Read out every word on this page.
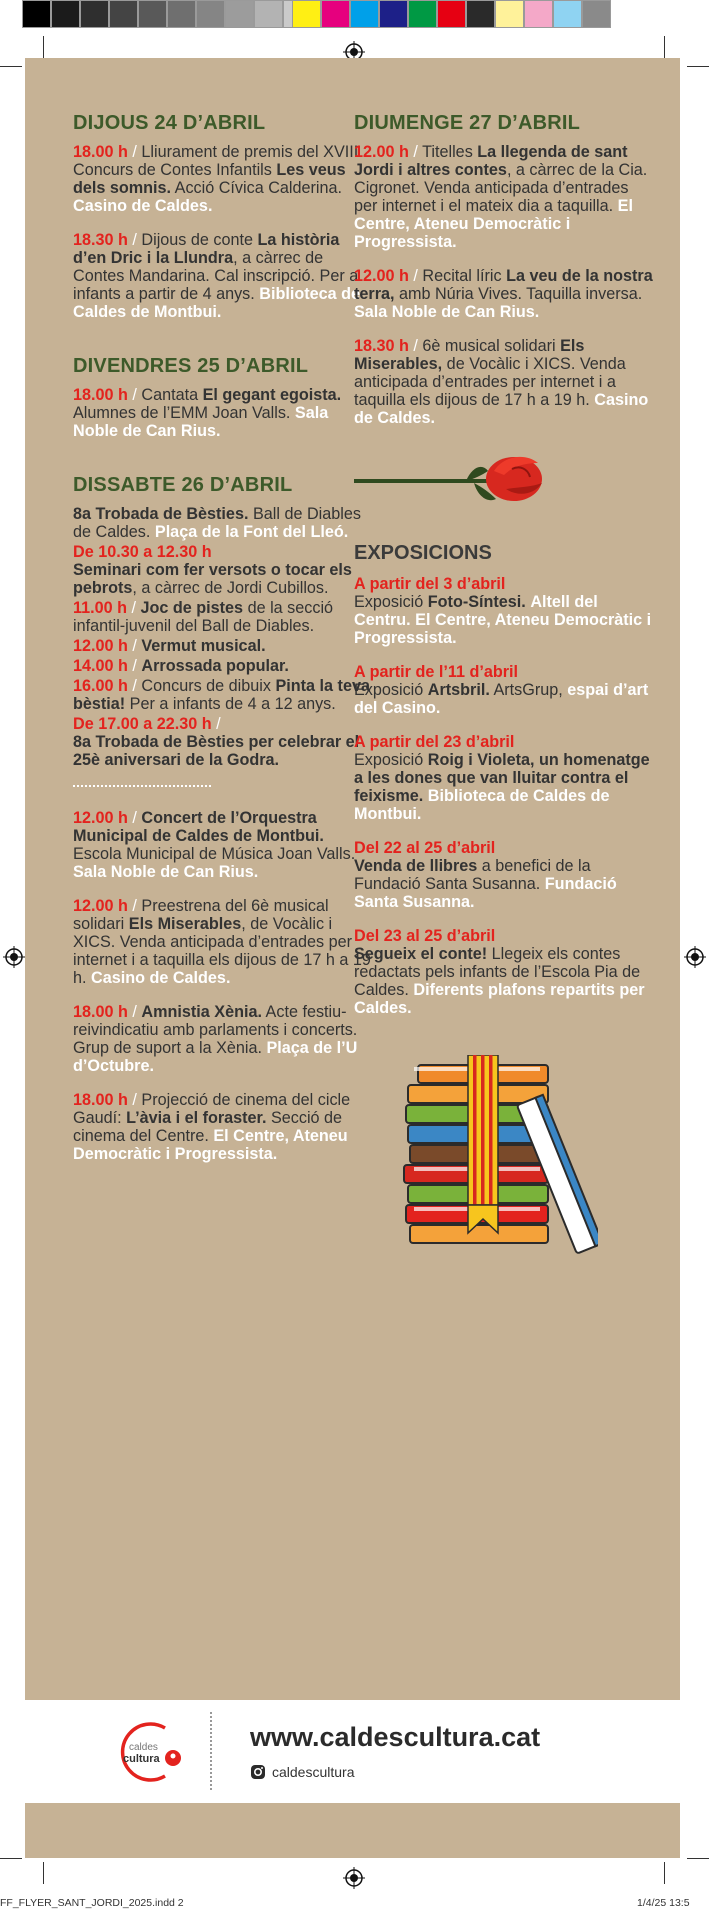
DIJOUS 24 D’ABRIL
18.00 h / Lliurament de premis del XVIII Concurs de Contes Infantils Les veus dels somnis. Acció Cívica Calderina. Casino de Caldes.
18.30 h / Dijous de conte La història d’en Dric i la Llundra, a càrrec de Contes Mandarina. Cal inscripció. Per a infants a partir de 4 anys. Biblioteca de Caldes de Montbui.
DIVENDRES 25 D’ABRIL
18.00 h / Cantata El gegant egoista. Alumnes de l’EMM Joan Valls. Sala Noble de Can Rius.
DISSABTE 26 D’ABRIL
8a Trobada de Bèsties. Ball de Diables de Caldes. Plaça de la Font del Lleó.
De 10.30 a 12.30 h
Seminari com fer versots o tocar els pebrots, a càrrec de Jordi Cubillos.
11.00 h / Joc de pistes de la secció infantil-juvenil del Ball de Diables.
12.00 h / Vermut musical.
14.00 h / Arrossada popular.
16.00 h / Concurs de dibuix Pinta la teva bèstia! Per a infants de 4 a 12 anys.
De 17.00 a 22.30 h /
8a Trobada de Bèsties per celebrar el 25è aniversari de la Godra.
12.00 h / Concert de l’Orquestra Municipal de Caldes de Montbui. Escola Municipal de Música Joan Valls. Sala Noble de Can Rius.
12.00 h / Preestrena del 6è musical solidari Els Miserables, de Vocàlic i XICS. Venda anticipada d’entrades per internet i a taquilla els dijous de 17 h a 19 h. Casino de Caldes.
18.00 h / Amnistia Xènia. Acte festiu-reivindicatiu amb parlaments i concerts. Grup de suport a la Xènia. Plaça de l’U d’Octubre.
18.00 h / Projecció de cinema del cicle Gaudí: L’àvia i el foraster. Secció de cinema del Centre. El Centre, Ateneu Democràtic i Progressista.
DIUMENGE 27 D’ABRIL
12.00 h / Titelles La llegenda de sant Jordi i altres contes, a càrrec de la Cia. Cigronet. Venda anticipada d’entrades per internet i el mateix dia a taquilla. El Centre, Ateneu Democràtic i Progressista.
12.00 h / Recital líric La veu de la nostra terra, amb Núria Vives. Taquilla inversa. Sala Noble de Can Rius.
18.30 h / 6è musical solidari Els Miserables, de Vocàlic i XICS. Venda anticipada d’entrades per internet i a taquilla els dijous de 17 h a 19 h. Casino de Caldes.
EXPOSICIONS
A partir del 3 d’abril
Exposició Foto-Síntesi. Altell del Centru. El Centre, Ateneu Democràtic i Progressista.
A partir de l’11 d’abril
Exposició Artsbril. ArtsGrup, espai d’art del Casino.
A partir del 23 d’abril
Exposició Roig i Violeta, un homenatge a les dones que van lluitar contra el feixisme. Biblioteca de Caldes de Montbui.
Del 22 al 25 d’abril
Venda de llibres a benefici de la Fundació Santa Susanna. Fundació Santa Susanna.
Del 23 al 25 d’abril
Segueix el conte! Llegeix els contes redactats pels infants de l’Escola Pia de Caldes. Diferents plafons repartits per Caldes.
caldes
cultura
www.caldescultura.cat
caldescultura
FF_FLYER_SANT_JORDI_2025.indd 2	1/4/25 13:5
